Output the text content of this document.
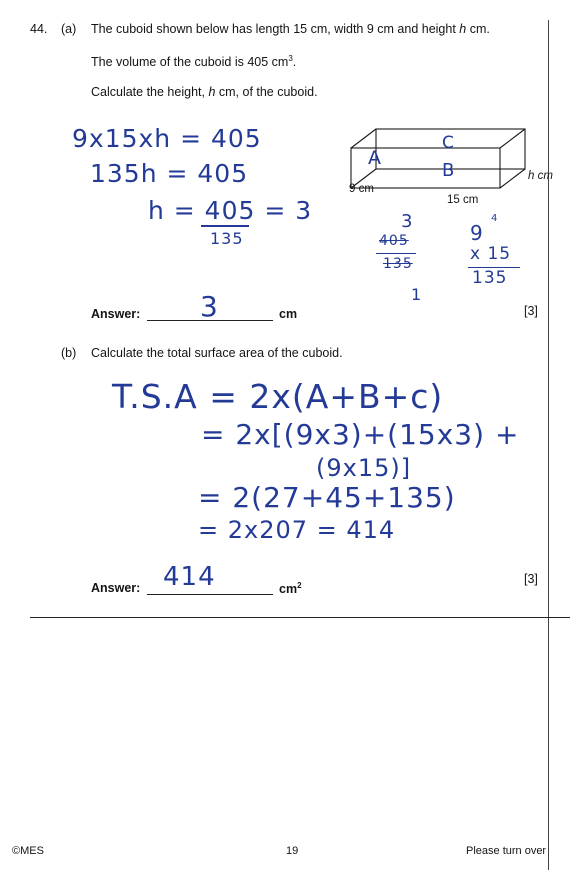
44. (a) The cuboid shown below has length 15 cm, width 9 cm and height h cm.
The volume of the cuboid is 405 $cm^3$.
Calculate the height, h cm, of the cuboid.
9 cm
15 cm
h cm
A
C
B
9x15xh = 405
135h = 405
h = 405 = 3
135
3
405
135
1
9
4
x 15
135
Answer: 3	cm	[3]
(b) Calculate the total surface area of the cuboid.
T.S.A = 2x(A+B+c)
= 2x[(9x3)+(15x3) +
(9x15)]
= 2(27+45+135)
= 2x207 = 414
Answer: 414	$cm^2$	[3]
©MES	19	Please turn over
